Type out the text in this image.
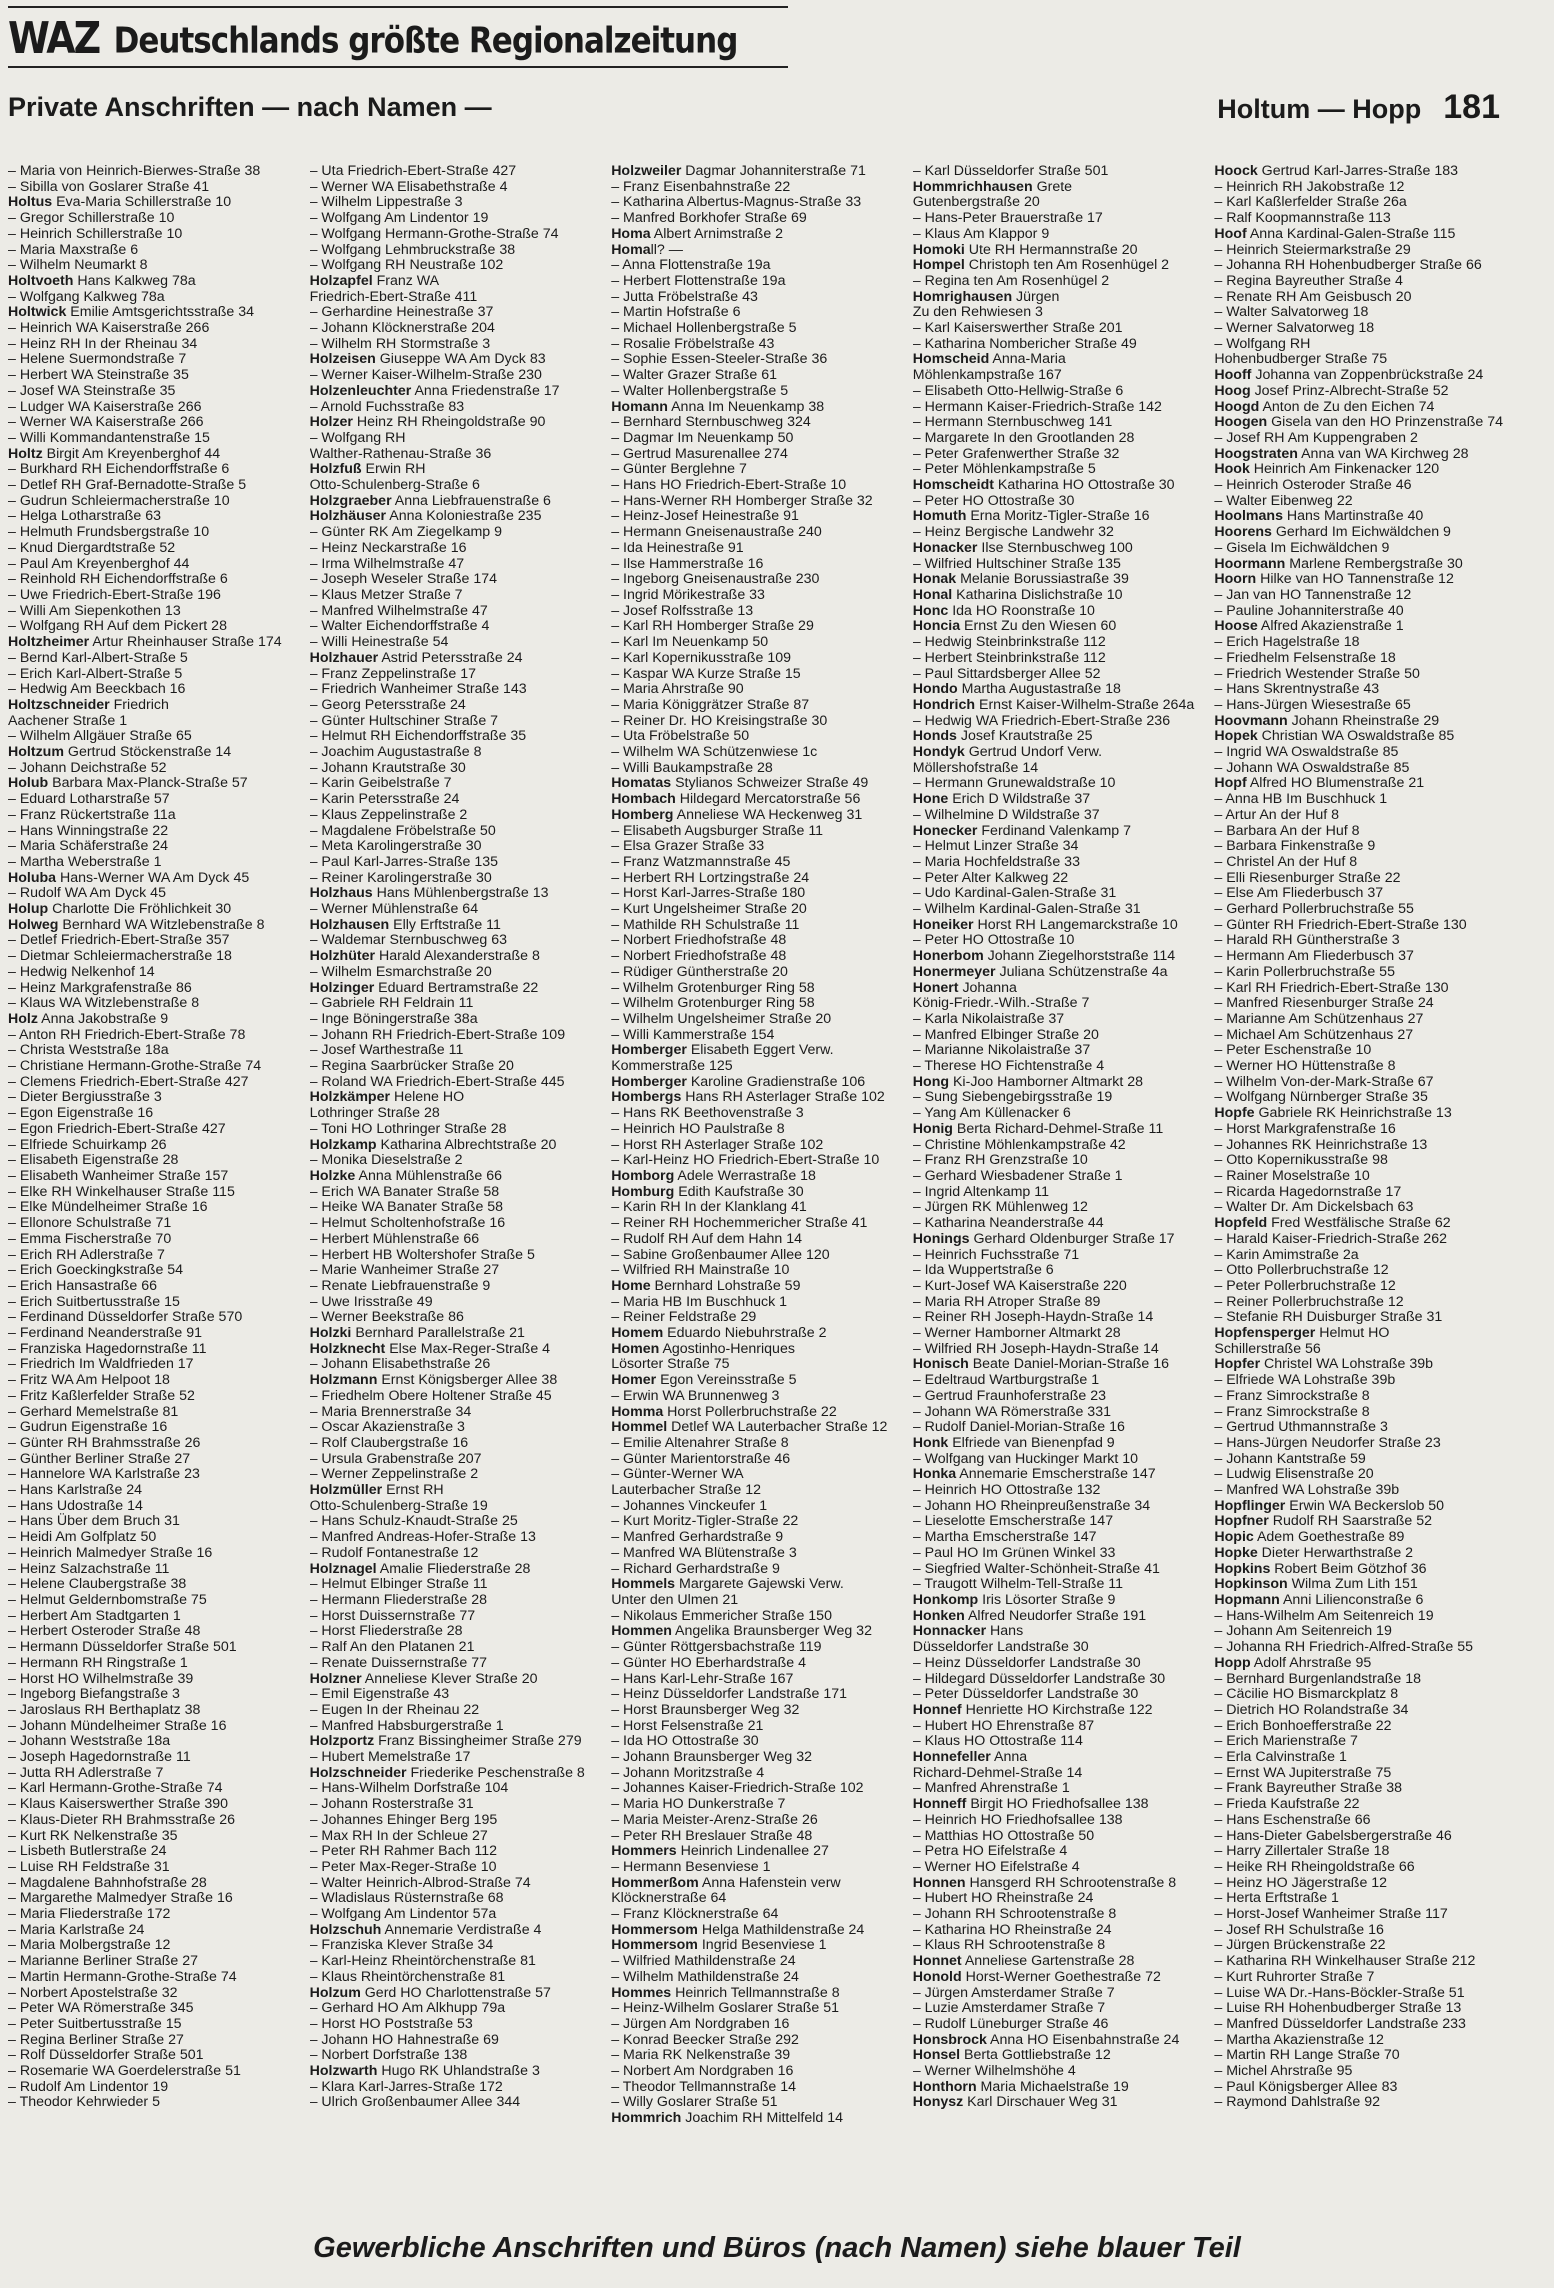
WAZ Deutschlands größte Regionalzeitung
Private Anschriften — nach Namen —	Holtum — Hopp 181
– Maria von Heinrich-Bierwes-Straße 38
– Sibilla von Goslarer Straße 41
Holtus Eva-Maria Schillerstraße 10
– Gregor Schillerstraße 10
– Heinrich Schillerstraße 10
– Maria Maxstraße 6
– Wilhelm Neumarkt 8
Holtvoeth Hans Kalkweg 78a
– Wolfgang Kalkweg 78a
Holtwick Emilie Amtsgerichtsstraße 34
– Heinrich WA Kaiserstraße 266
– Heinz RH In der Rheinau 34
– Helene Suermondstraße 7
– Herbert WA Steinstraße 35
– Josef WA Steinstraße 35
– Ludger WA Kaiserstraße 266
– Werner WA Kaiserstraße 266
– Willi Kommandantenstraße 15
Holtz Birgit Am Kreyenberghof 44
– Burkhard RH Eichendorffstraße 6
– Detlef RH Graf-Bernadotte-Straße 5
– Gudrun Schleiermacherstraße 10
– Helga Lotharstraße 63
– Helmuth Frundsbergstraße 10
– Knud Diergardtstraße 52
– Paul Am Kreyenberghof 44
– Reinhold RH Eichendorffstraße 6
– Uwe Friedrich-Ebert-Straße 196
– Willi Am Siepenkothen 13
– Wolfgang RH Auf dem Pickert 28
Holtzheimer Artur Rheinhauser Straße 174
– Bernd Karl-Albert-Straße 5
– Erich Karl-Albert-Straße 5
– Hedwig Am Beeckbach 16
Holtzschneider Friedrich
Aachener Straße 1
– Wilhelm Allgäuer Straße 65
Holtzum Gertrud Stöckenstraße 14
– Johann Deichstraße 52
Holub Barbara Max-Planck-Straße 57
– Eduard Lotharstraße 57
– Franz Rückertstraße 11a
– Hans Winningstraße 22
– Maria Schäferstraße 24
– Martha Weberstraße 1
Holuba Hans-Werner WA Am Dyck 45
– Rudolf WA Am Dyck 45
Holup Charlotte Die Fröhlichkeit 30
Holweg Bernhard WA Witzlebenstraße 8
– Detlef Friedrich-Ebert-Straße 357
– Dietmar Schleiermacherstraße 18
– Hedwig Nelkenhof 14
– Heinz Markgrafenstraße 86
– Klaus WA Witzlebenstraße 8
Holz Anna Jakobstraße 9
– Anton RH Friedrich-Ebert-Straße 78
– Christa Weststraße 18a
– Christiane Hermann-Grothe-Straße 74
– Clemens Friedrich-Ebert-Straße 427
– Dieter Bergiusstraße 3
– Egon Eigenstraße 16
– Egon Friedrich-Ebert-Straße 427
– Elfriede Schuirkamp 26
– Elisabeth Eigenstraße 28
– Elisabeth Wanheimer Straße 157
– Elke RH Winkelhauser Straße 115
– Elke Mündelheimer Straße 16
– Ellonore Schulstraße 71
– Emma Fischerstraße 70
– Erich RH Adlerstraße 7
– Erich Goeckingkstraße 54
– Erich Hansastraße 66
– Erich Suitbertusstraße 15
– Ferdinand Düsseldorfer Straße 570
– Ferdinand Neanderstraße 91
– Franziska Hagedornstraße 11
– Friedrich Im Waldfrieden 17
– Fritz WA Am Helpoot 18
– Fritz Kaßlerfelder Straße 52
– Gerhard Memelstraße 81
– Gudrun Eigenstraße 16
– Günter RH Brahmsstraße 26
– Günther Berliner Straße 27
– Hannelore WA Karlstraße 23
– Hans Karlstraße 24
– Hans Udostraße 14
– Hans Über dem Bruch 31
– Heidi Am Golfplatz 50
– Heinrich Malmedyer Straße 16
– Heinz Salzachstraße 11
– Helene Claubergstraße 38
– Helmut Geldernbomstraße 75
– Herbert Am Stadtgarten 1
– Herbert Osteroder Straße 48
– Hermann Düsseldorfer Straße 501
– Hermann RH Ringstraße 1
– Horst HO Wilhelmstraße 39
– Ingeborg Biefangstraße 3
– Jaroslaus RH Berthaplatz 38
– Johann Mündelheimer Straße 16
– Johann Weststraße 18a
– Joseph Hagedornstraße 11
– Jutta RH Adlerstraße 7
– Karl Hermann-Grothe-Straße 74
– Klaus Kaiserswerther Straße 390
– Klaus-Dieter RH Brahmsstraße 26
– Kurt RK Nelkenstraße 35
– Lisbeth Butlerstraße 24
– Luise RH Feldstraße 31
– Magdalene Bahnhofstraße 28
– Margarethe Malmedyer Straße 16
– Maria Fliederstraße 172
– Maria Karlstraße 24
– Maria Molbergstraße 12
– Marianne Berliner Straße 27
– Martin Hermann-Grothe-Straße 74
– Norbert Apostelstraße 32
– Peter WA Römerstraße 345
– Peter Suitbertusstraße 15
– Regina Berliner Straße 27
– Rolf Düsseldorfer Straße 501
– Rosemarie WA Goerdelerstraße 51
– Rudolf Am Lindentor 19
– Theodor Kehrwieder 5
– Uta Friedrich-Ebert-Straße 427
– Werner WA Elisabethstraße 4
– Wilhelm Lippestraße 3
– Wolfgang Am Lindentor 19
– Wolfgang Hermann-Grothe-Straße 74
– Wolfgang Lehmbruckstraße 38
– Wolfgang RH Neustraße 102
Holzapfel Franz WA
Friedrich-Ebert-Straße 411
– Gerhardine Heinestraße 37
– Johann Klöcknerstraße 204
– Wilhelm RH Stormstraße 3
Holzeisen Giuseppe WA Am Dyck 83
– Werner Kaiser-Wilhelm-Straße 230
Holzenleuchter Anna Friedenstraße 17
– Arnold Fuchsstraße 83
Holzer Heinz RH Rheingoldstraße 90
– Wolfgang RH
Walther-Rathenau-Straße 36
Holzfuß Erwin RH
Otto-Schulenberg-Straße 6
Holzgraeber Anna Liebfrauenstraße 6
Holzhäuser Anna Koloniestraße 235
– Günter RK Am Ziegelkamp 9
– Heinz Neckarstraße 16
– Irma Wilhelmstraße 47
– Joseph Weseler Straße 174
– Klaus Metzer Straße 7
– Manfred Wilhelmstraße 47
– Walter Eichendorffstraße 4
– Willi Heinestraße 54
Holzhauer Astrid Petersstraße 24
– Franz Zeppelinstraße 17
– Friedrich Wanheimer Straße 143
– Georg Petersstraße 24
– Günter Hultschiner Straße 7
– Helmut RH Eichendorffstraße 35
– Joachim Augustastraße 8
– Johann Krautstraße 30
– Karin Geibelstraße 7
– Karin Petersstraße 24
– Klaus Zeppelinstraße 2
– Magdalene Fröbelstraße 50
– Meta Karolingerstraße 30
– Paul Karl-Jarres-Straße 135
– Reiner Karolingerstraße 30
Holzhaus Hans Mühlenbergstraße 13
– Werner Mühlenstraße 64
Holzhausen Elly Erftstraße 11
– Waldemar Sternbuschweg 63
Holzhüter Harald Alexanderstraße 8
– Wilhelm Esmarchstraße 20
Holzinger Eduard Bertramstraße 22
– Gabriele RH Feldrain 11
– Inge Böningerstraße 38a
– Johann RH Friedrich-Ebert-Straße 109
– Josef Warthestraße 11
– Regina Saarbrücker Straße 20
– Roland WA Friedrich-Ebert-Straße 445
Holzkämper Helene HO
Lothringer Straße 28
– Toni HO Lothringer Straße 28
Holzkamp Katharina Albrechtstraße 20
– Monika Dieselstraße 2
Holzke Anna Mühlenstraße 66
– Erich WA Banater Straße 58
– Heike WA Banater Straße 58
– Helmut Scholtenhofstraße 16
– Herbert Mühlenstraße 66
– Herbert HB Woltershofer Straße 5
– Marie Wanheimer Straße 27
– Renate Liebfrauenstraße 9
– Uwe Irisstraße 49
– Werner Beekstraße 86
Holzki Bernhard Parallelstraße 21
Holzknecht Else Max-Reger-Straße 4
– Johann Elisabethstraße 26
Holzmann Ernst Königsberger Allee 38
– Friedhelm Obere Holtener Straße 45
– Maria Brennerstraße 34
– Oscar Akazienstraße 3
– Rolf Claubergstraße 16
– Ursula Grabenstraße 207
– Werner Zeppelinstraße 2
Holzmüller Ernst RH
Otto-Schulenberg-Straße 19
– Hans Schulz-Knaudt-Straße 25
– Manfred Andreas-Hofer-Straße 13
– Rudolf Fontanestraße 12
Holznagel Amalie Fliederstraße 28
– Helmut Elbinger Straße 11
– Hermann Fliederstraße 28
– Horst Duissernstraße 77
– Horst Fliederstraße 28
– Ralf An den Platanen 21
– Renate Duissernstraße 77
Holzner Anneliese Klever Straße 20
– Emil Eigenstraße 43
– Eugen In der Rheinau 22
– Manfred Habsburgerstraße 1
Holzportz Franz Bissingheimer Straße 279
– Hubert Memelstraße 17
Holzschneider Friederike Peschenstraße 8
– Hans-Wilhelm Dorfstraße 104
– Johann Rosterstraße 31
– Johannes Ehinger Berg 195
– Max RH In der Schleue 27
– Peter RH Rahmer Bach 112
– Peter Max-Reger-Straße 10
– Walter Heinrich-Albrod-Straße 74
– Wladislaus Rüsternstraße 68
– Wolfgang Am Lindentor 57a
Holzschuh Annemarie Verdistraße 4
– Franziska Klever Straße 34
– Karl-Heinz Rheintörchenstraße 81
– Klaus Rheintörchenstraße 81
Holzum Gerd HO Charlottenstraße 57
– Gerhard HO Am Alkhupp 79a
– Horst HO Poststraße 53
– Johann HO Hahnestraße 69
– Norbert Dorfstraße 138
Holzwarth Hugo RK Uhlandstraße 3
– Klara Karl-Jarres-Straße 172
– Ulrich Großenbaumer Allee 344
Holzweiler Dagmar Johanniterstraße 71
– Franz Eisenbahnstraße 22
– Katharina Albertus-Magnus-Straße 33
– Manfred Borkhofer Straße 69
Homa Albert Arnimstraße 2
Homall? —
– Anna Flottenstraße 19a
– Herbert Flottenstraße 19a
– Jutta Fröbelstraße 43
– Martin Hofstraße 6
– Michael Hollenbergstraße 5
– Rosalie Fröbelstraße 43
– Sophie Essen-Steeler-Straße 36
– Walter Grazer Straße 61
– Walter Hollenbergstraße 5
Homann Anna Im Neuenkamp 38
– Bernhard Sternbuschweg 324
– Dagmar Im Neuenkamp 50
– Gertrud Masurenallee 274
– Günter Berglehne 7
– Hans HO Friedrich-Ebert-Straße 10
– Hans-Werner RH Homberger Straße 32
– Heinz-Josef Heinestraße 91
– Hermann Gneisenaustraße 240
– Ida Heinestraße 91
– Ilse Hammerstraße 16
– Ingeborg Gneisenaustraße 230
– Ingrid Mörikestraße 33
– Josef Rolfsstraße 13
– Karl RH Homberger Straße 29
– Karl Im Neuenkamp 50
– Karl Kopernikusstraße 109
– Kaspar WA Kurze Straße 15
– Maria Ahrstraße 90
– Maria Königgrätzer Straße 87
– Reiner Dr. HO Kreisingstraße 30
– Uta Fröbelstraße 50
– Wilhelm WA Schützenwiese 1c
– Willi Baukampstraße 28
Homatas Stylianos Schweizer Straße 49
Hombach Hildegard Mercatorstraße 56
Homberg Anneliese WA Heckenweg 31
– Elisabeth Augsburger Straße 11
– Elsa Grazer Straße 33
– Franz Watzmannstraße 45
– Herbert RH Lortzingstraße 24
– Horst Karl-Jarres-Straße 180
– Kurt Ungelsheimer Straße 20
– Mathilde RH Schulstraße 11
– Norbert Friedhofstraße 48
– Norbert Friedhofstraße 48
– Rüdiger Güntherstraße 20
– Wilhelm Grotenburger Ring 58
– Wilhelm Grotenburger Ring 58
– Wilhelm Ungelsheimer Straße 20
– Willi Kammerstraße 154
Homberger Elisabeth Eggert Verw.
Kommerstraße 125
Homberger Karoline Gradienstraße 106
Hombergs Hans RH Asterlager Straße 102
– Hans RK Beethovenstraße 3
– Heinrich HO Paulstraße 8
– Horst RH Asterlager Straße 102
– Karl-Heinz HO Friedrich-Ebert-Straße 10
Homborg Adele Werrastraße 18
Homburg Edith Kaufstraße 30
– Karin RH In der Klanklang 41
– Reiner RH Hochemmericher Straße 41
– Rudolf RH Auf dem Hahn 14
– Sabine Großenbaumer Allee 120
– Wilfried RH Mainstraße 10
Home Bernhard Lohstraße 59
– Maria HB Im Buschhuck 1
– Reiner Feldstraße 29
Homem Eduardo Niebuhrstraße 2
Homen Agostinho-Henriques
Lösorter Straße 75
Homer Egon Vereinsstraße 5
– Erwin WA Brunnenweg 3
Homma Horst Pollerbruchstraße 22
Hommel Detlef WA Lauterbacher Straße 12
– Emilie Altenahrer Straße 8
– Günter Marientorstraße 46
– Günter-Werner WA
Lauterbacher Straße 12
– Johannes Vinckeufer 1
– Kurt Moritz-Tigler-Straße 22
– Manfred Gerhardstraße 9
– Manfred WA Blütenstraße 3
– Richard Gerhardstraße 9
Hommels Margarete Gajewski Verw.
Unter den Ulmen 21
– Nikolaus Emmericher Straße 150
Hommen Angelika Braunsberger Weg 32
– Günter Röttgersbachstraße 119
– Günter HO Eberhardstraße 4
– Hans Karl-Lehr-Straße 167
– Heinz Düsseldorfer Landstraße 171
– Horst Braunsberger Weg 32
– Horst Felsenstraße 21
– Ida HO Ottostraße 30
– Johann Braunsberger Weg 32
– Johann Moritzstraße 4
– Johannes Kaiser-Friedrich-Straße 102
– Maria HO Dunkerstraße 7
– Maria Meister-Arenz-Straße 26
– Peter RH Breslauer Straße 48
Hommers Heinrich Lindenallee 27
– Hermann Besenviese 1
Hommerßom Anna Hafenstein verw
Klöcknerstraße 64
– Franz Klöcknerstraße 64
Hommersom Helga Mathildenstraße 24
Hommersom Ingrid Besenviese 1
– Wilfried Mathildenstraße 24
– Wilhelm Mathildenstraße 24
Hommes Heinrich Tellmannstraße 8
– Heinz-Wilhelm Goslarer Straße 51
– Jürgen Am Nordgraben 16
– Konrad Beecker Straße 292
– Maria RK Nelkenstraße 39
– Norbert Am Nordgraben 16
– Theodor Tellmannstraße 14
– Willy Goslarer Straße 51
Hommrich Joachim RH Mittelfeld 14
– Karl Düsseldorfer Straße 501
Hommrichhausen Grete
Gutenbergstraße 20
– Hans-Peter Brauerstraße 17
– Klaus Am Klappor 9
Homoki Ute RH Hermannstraße 20
Hompel Christoph ten Am Rosenhügel 2
– Regina ten Am Rosenhügel 2
Homrighausen Jürgen
Zu den Rehwiesen 3
– Karl Kaiserswerther Straße 201
– Katharina Nombericher Straße 49
Homscheid Anna-Maria
Möhlenkampstraße 167
– Elisabeth Otto-Hellwig-Straße 6
– Hermann Kaiser-Friedrich-Straße 142
– Hermann Sternbuschweg 141
– Margarete In den Grootlanden 28
– Peter Grafenwerther Straße 32
– Peter Möhlenkampstraße 5
Homscheidt Katharina HO Ottostraße 30
– Peter HO Ottostraße 30
Homuth Erna Moritz-Tigler-Straße 16
– Heinz Bergische Landwehr 32
Honacker Ilse Sternbuschweg 100
– Wilfried Hultschiner Straße 135
Honak Melanie Borussiastraße 39
Honal Katharina Dislichstraße 10
Honc Ida HO Roonstraße 10
Honcia Ernst Zu den Wiesen 60
– Hedwig Steinbrinkstraße 112
– Herbert Steinbrinkstraße 112
– Paul Sittardsberger Allee 52
Hondo Martha Augustastraße 18
Hondrich Ernst Kaiser-Wilhelm-Straße 264a
– Hedwig WA Friedrich-Ebert-Straße 236
Honds Josef Krautstraße 25
Hondyk Gertrud Undorf Verw.
Möllershofstraße 14
– Hermann Grunewaldstraße 10
Hone Erich D Wildstraße 37
– Wilhelmine D Wildstraße 37
Honecker Ferdinand Valenkamp 7
– Helmut Linzer Straße 34
– Maria Hochfeldstraße 33
– Peter Alter Kalkweg 22
– Udo Kardinal-Galen-Straße 31
– Wilhelm Kardinal-Galen-Straße 31
Honeiker Horst RH Langemarckstraße 10
– Peter HO Ottostraße 10
Honerbom Johann Ziegelhorststraße 114
Honermeyer Juliana Schützenstraße 4a
Honert Johanna
König-Friedr.-Wilh.-Straße 7
– Karla Nikolaistraße 37
– Manfred Elbinger Straße 20
– Marianne Nikolaistraße 37
– Therese HO Fichtenstraße 4
Hong Ki-Joo Hamborner Altmarkt 28
– Sung Siebengebirgsstraße 19
– Yang Am Küllenacker 6
Honig Berta Richard-Dehmel-Straße 11
– Christine Möhlenkampstraße 42
– Franz RH Grenzstraße 10
– Gerhard Wiesbadener Straße 1
– Ingrid Altenkamp 11
– Jürgen RK Mühlenweg 12
– Katharina Neanderstraße 44
Honings Gerhard Oldenburger Straße 17
– Heinrich Fuchsstraße 71
– Ida Wuppertstraße 6
– Kurt-Josef WA Kaiserstraße 220
– Maria RH Atroper Straße 89
– Reiner RH Joseph-Haydn-Straße 14
– Werner Hamborner Altmarkt 28
– Wilfried RH Joseph-Haydn-Straße 14
Honisch Beate Daniel-Morian-Straße 16
– Edeltraud Wartburgstraße 1
– Gertrud Fraunhoferstraße 23
– Johann WA Römerstraße 331
– Rudolf Daniel-Morian-Straße 16
Honk Elfriede van Bienenpfad 9
– Wolfgang van Huckinger Markt 10
Honka Annemarie Emscherstraße 147
– Heinrich HO Ottostraße 132
– Johann HO Rheinpreußenstraße 34
– Lieselotte Emscherstraße 147
– Martha Emscherstraße 147
– Paul HO Im Grünen Winkel 33
– Siegfried Walter-Schönheit-Straße 41
– Traugott Wilhelm-Tell-Straße 11
Honkomp Iris Lösorter Straße 9
Honken Alfred Neudorfer Straße 191
Honnacker Hans
Düsseldorfer Landstraße 30
– Heinz Düsseldorfer Landstraße 30
– Hildegard Düsseldorfer Landstraße 30
– Peter Düsseldorfer Landstraße 30
Honnef Henriette HO Kirchstraße 122
– Hubert HO Ehrenstraße 87
– Klaus HO Ottostraße 114
Honnefeller Anna
Richard-Dehmel-Straße 14
– Manfred Ahrenstraße 1
Honneff Birgit HO Friedhofsallee 138
– Heinrich HO Friedhofsallee 138
– Matthias HO Ottostraße 50
– Petra HO Eifelstraße 4
– Werner HO Eifelstraße 4
Honnen Hansgerd RH Schrootenstraße 8
– Hubert HO Rheinstraße 24
– Johann RH Schrootenstraße 8
– Katharina HO Rheinstraße 24
– Klaus RH Schrootenstraße 8
Honnet Anneliese Gartenstraße 28
Honold Horst-Werner Goethestraße 72
– Jürgen Amsterdamer Straße 7
– Luzie Amsterdamer Straße 7
– Rudolf Lüneburger Straße 46
Honsbrock Anna HO Eisenbahnstraße 24
Honsel Berta Gottliebstraße 12
– Werner Wilhelmshöhe 4
Honthorn Maria Michaelstraße 19
Honysz Karl Dirschauer Weg 31
Hoock Gertrud Karl-Jarres-Straße 183
– Heinrich RH Jakobstraße 12
– Karl Kaßlerfelder Straße 26a
– Ralf Koopmannstraße 113
Hoof Anna Kardinal-Galen-Straße 115
– Heinrich Steiermarkstraße 29
– Johanna RH Hohenbudberger Straße 66
– Regina Bayreuther Straße 4
– Renate RH Am Geisbusch 20
– Walter Salvatorweg 18
– Werner Salvatorweg 18
– Wolfgang RH
Hohenbudberger Straße 75
Hooff Johanna van Zoppenbrückstraße 24
Hoog Josef Prinz-Albrecht-Straße 52
Hoogd Anton de Zu den Eichen 74
Hoogen Gisela van den HO Prinzenstraße 74
– Josef RH Am Kuppengraben 2
Hoogstraten Anna van WA Kirchweg 28
Hook Heinrich Am Finkenacker 120
– Heinrich Osteroder Straße 46
– Walter Eibenweg 22
Hoolmans Hans Martinstraße 40
Hoorens Gerhard Im Eichwäldchen 9
– Gisela Im Eichwäldchen 9
Hoormann Marlene Rembergstraße 30
Hoorn Hilke van HO Tannenstraße 12
– Jan van HO Tannenstraße 12
– Pauline Johanniterstraße 40
Hoose Alfred Akazienstraße 1
– Erich Hagelstraße 18
– Friedhelm Felsenstraße 18
– Friedrich Westender Straße 50
– Hans Skrentnystraße 43
– Hans-Jürgen Wiesestraße 65
Hoovmann Johann Rheinstraße 29
Hopek Christian WA Oswaldstraße 85
– Ingrid WA Oswaldstraße 85
– Johann WA Oswaldstraße 85
Hopf Alfred HO Blumenstraße 21
– Anna HB Im Buschhuck 1
– Artur An der Huf 8
– Barbara An der Huf 8
– Barbara Finkenstraße 9
– Christel An der Huf 8
– Elli Riesenburger Straße 22
– Else Am Fliederbusch 37
– Gerhard Pollerbruchstraße 55
– Günter RH Friedrich-Ebert-Straße 130
– Harald RH Güntherstraße 3
– Hermann Am Fliederbusch 37
– Karin Pollerbruchstraße 55
– Karl RH Friedrich-Ebert-Straße 130
– Manfred Riesenburger Straße 24
– Marianne Am Schützenhaus 27
– Michael Am Schützenhaus 27
– Peter Eschenstraße 10
– Werner HO Hüttenstraße 8
– Wilhelm Von-der-Mark-Straße 67
– Wolfgang Nürnberger Straße 35
Hopfe Gabriele RK Heinrichstraße 13
– Horst Markgrafenstraße 16
– Johannes RK Heinrichstraße 13
– Otto Kopernikusstraße 98
– Rainer Moselstraße 10
– Ricarda Hagedornstraße 17
– Walter Dr. Am Dickelsbach 63
Hopfeld Fred Westfälische Straße 62
– Harald Kaiser-Friedrich-Straße 262
– Karin Amimstraße 2a
– Otto Pollerbruchstraße 12
– Peter Pollerbruchstraße 12
– Reiner Pollerbruchstraße 12
– Stefanie RH Duisburger Straße 31
Hopfensperger Helmut HO
Schillerstraße 56
Hopfer Christel WA Lohstraße 39b
– Elfriede WA Lohstraße 39b
– Franz Simrockstraße 8
– Franz Simrockstraße 8
– Gertrud Uthmannstraße 3
– Hans-Jürgen Neudorfer Straße 23
– Johann Kantstraße 59
– Ludwig Elisenstraße 20
– Manfred WA Lohstraße 39b
Hopflinger Erwin WA Beckerslob 50
Hopfner Rudolf RH Saarstraße 52
Hopic Adem Goethestraße 89
Hopke Dieter Herwarthstraße 2
Hopkins Robert Beim Götzhof 36
Hopkinson Wilma Zum Lith 151
Hopmann Anni Lilienconstraße 6
– Hans-Wilhelm Am Seitenreich 19
– Johann Am Seitenreich 19
– Johanna RH Friedrich-Alfred-Straße 55
Hopp Adolf Ahrstraße 95
– Bernhard Burgenlandstraße 18
– Cäcilie HO Bismarckplatz 8
– Dietrich HO Rolandstraße 34
– Erich Bonhoefferstraße 22
– Erich Marienstraße 7
– Erla Calvinstraße 1
– Ernst WA Jupiterstraße 75
– Frank Bayreuther Straße 38
– Frieda Kaufstraße 22
– Hans Eschenstraße 66
– Hans-Dieter Gabelsbergerstraße 46
– Harry Zillertaler Straße 18
– Heike RH Rheingoldstraße 66
– Heinz HO Jägerstraße 12
– Herta Erftstraße 1
– Horst-Josef Wanheimer Straße 117
– Josef RH Schulstraße 16
– Jürgen Brückenstraße 22
– Katharina RH Winkelhauser Straße 212
– Kurt Ruhrorter Straße 7
– Luise WA Dr.-Hans-Böckler-Straße 51
– Luise RH Hohenbudberger Straße 13
– Manfred Düsseldorfer Landstraße 233
– Martha Akazienstraße 12
– Martin RH Lange Straße 70
– Michel Ahrstraße 95
– Paul Königsberger Allee 83
– Raymond Dahlstraße 92
Gewerbliche Anschriften und Büros (nach Namen) siehe blauer Teil
